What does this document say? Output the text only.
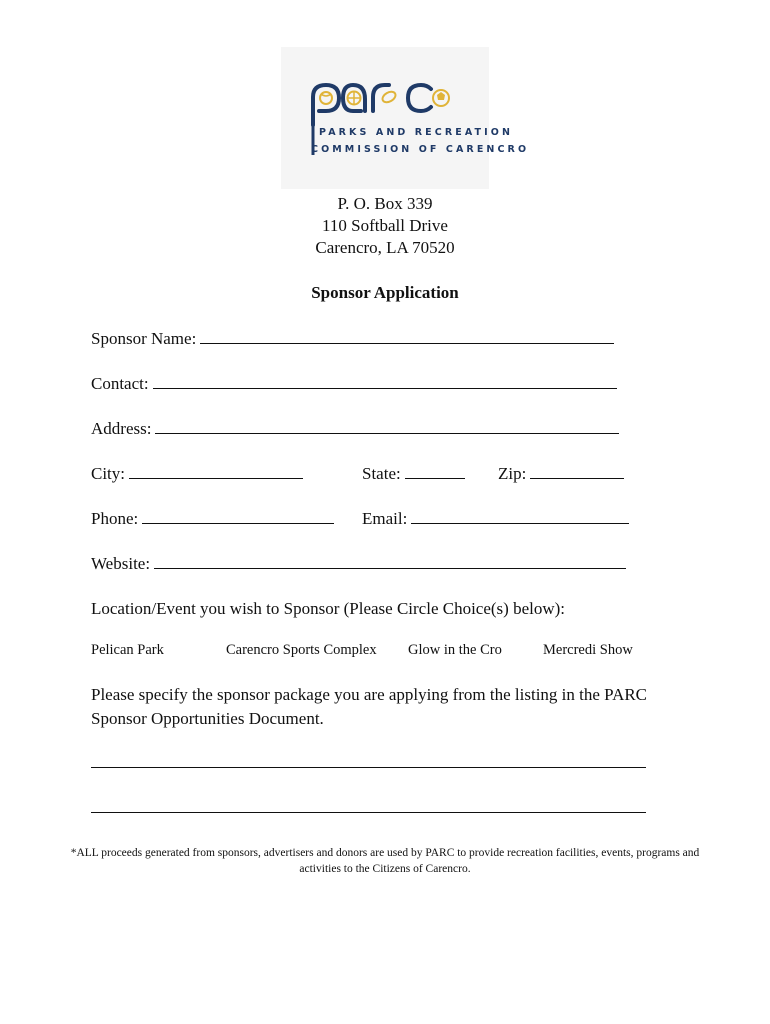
PARKS AND RECREATION
COMMISSION OF CARENCRO
P. O. Box 339
110 Softball Drive
Carencro, LA 70520
Sponsor Application
Sponsor Name:
Contact:
Address:
City:	State:	Zip:
Phone:	Email:
Website:
Location/Event you wish to Sponsor (Please Circle Choice(s) below):
Pelican Park	Carencro Sports Complex Glow in the Cro	Mercredi Show
Please specify the sponsor package you are applying from the listing in the PARC Sponsor Opportunities Document.
*ALL proceeds generated from sponsors, advertisers and donors are used by PARC to provide recreation facilities, events, programs and activities to the Citizens of Carencro.
